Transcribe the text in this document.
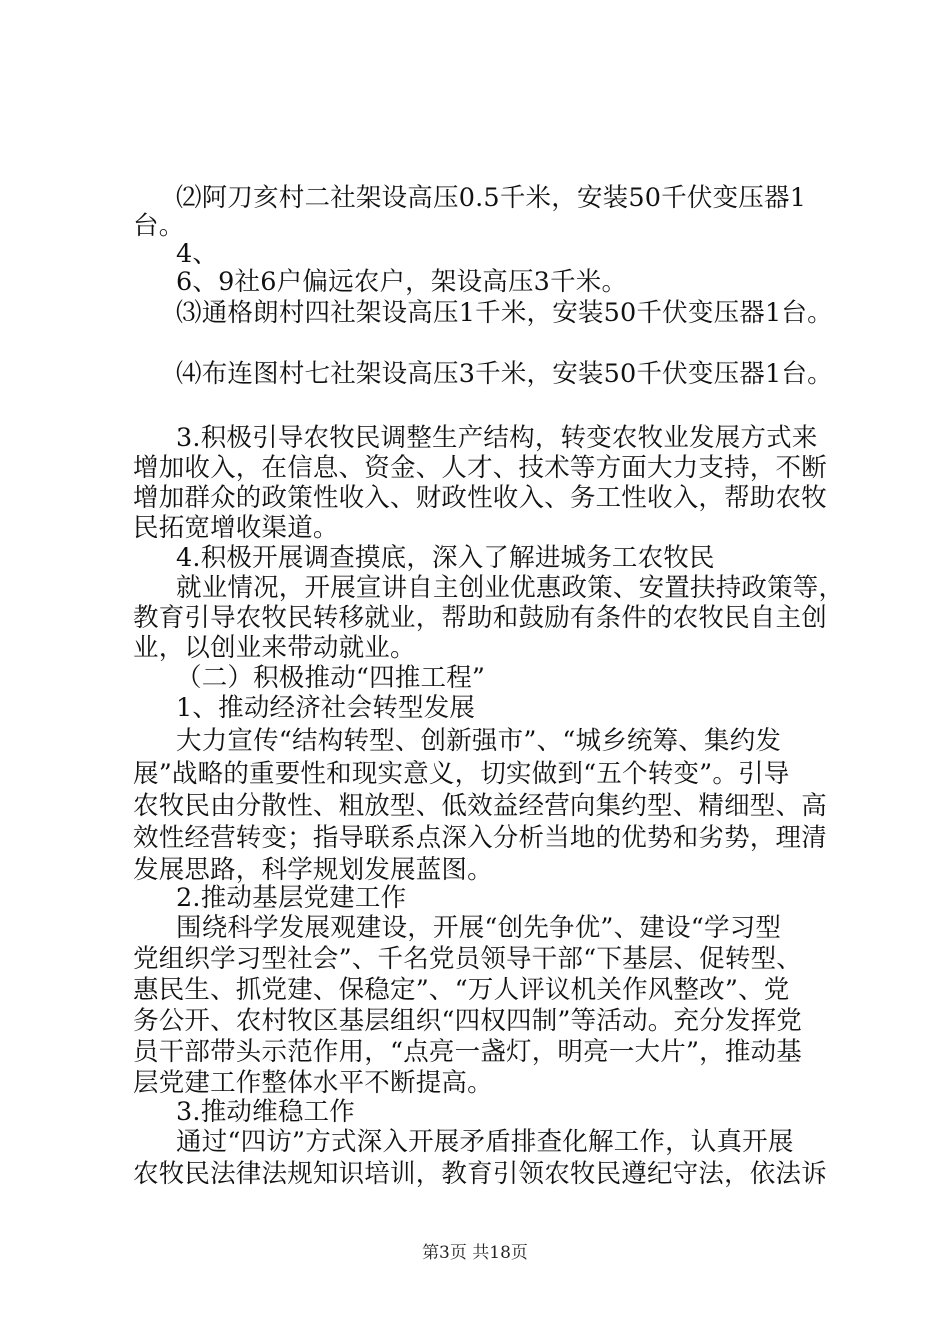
⑵阿刀亥村二社架设高压0.5千米，安装50千伏变压器1
台。
4、
6、9社6户偏远农户，架设高压3千米。
⑶通格朗村四社架设高压1千米，安装50千伏变压器1台。
⑷布连图村七社架设高压3千米，安装50千伏变压器1台。
3.积极引导农牧民调整生产结构，转变农牧业发展方式来
增加收入，在信息、资金、人才、技术等方面大力支持，不断
增加群众的政策性收入、财政性收入、务工性收入，帮助农牧
民拓宽增收渠道。
4.积极开展调查摸底，深入了解进城务工农牧民
就业情况，开展宣讲自主创业优惠政策、安置扶持政策等，
教育引导农牧民转移就业，帮助和鼓励有条件的农牧民自主创
业，以创业来带动就业。
（二）积极推动“四推工程”
1、推动经济社会转型发展
大力宣传“结构转型、创新强市”、“城乡统筹、集约发
展”战略的重要性和现实意义，切实做到“五个转变”。引导
农牧民由分散性、粗放型、低效益经营向集约型、精细型、高
效性经营转变；指导联系点深入分析当地的优势和劣势，理清
发展思路，科学规划发展蓝图。
2.推动基层党建工作
围绕科学发展观建设，开展“创先争优”、建设“学习型
党组织学习型社会”、千名党员领导干部“下基层、促转型、
惠民生、抓党建、保稳定”、“万人评议机关作风整改”、党
务公开、农村牧区基层组织“四权四制”等活动。充分发挥党
员干部带头示范作用，“点亮一盏灯，明亮一大片”，推动基
层党建工作整体水平不断提高。
3.推动维稳工作
通过“四访”方式深入开展矛盾排查化解工作，认真开展
农牧民法律法规知识培训，教育引领农牧民遵纪守法，依法诉
第3页 共18页
